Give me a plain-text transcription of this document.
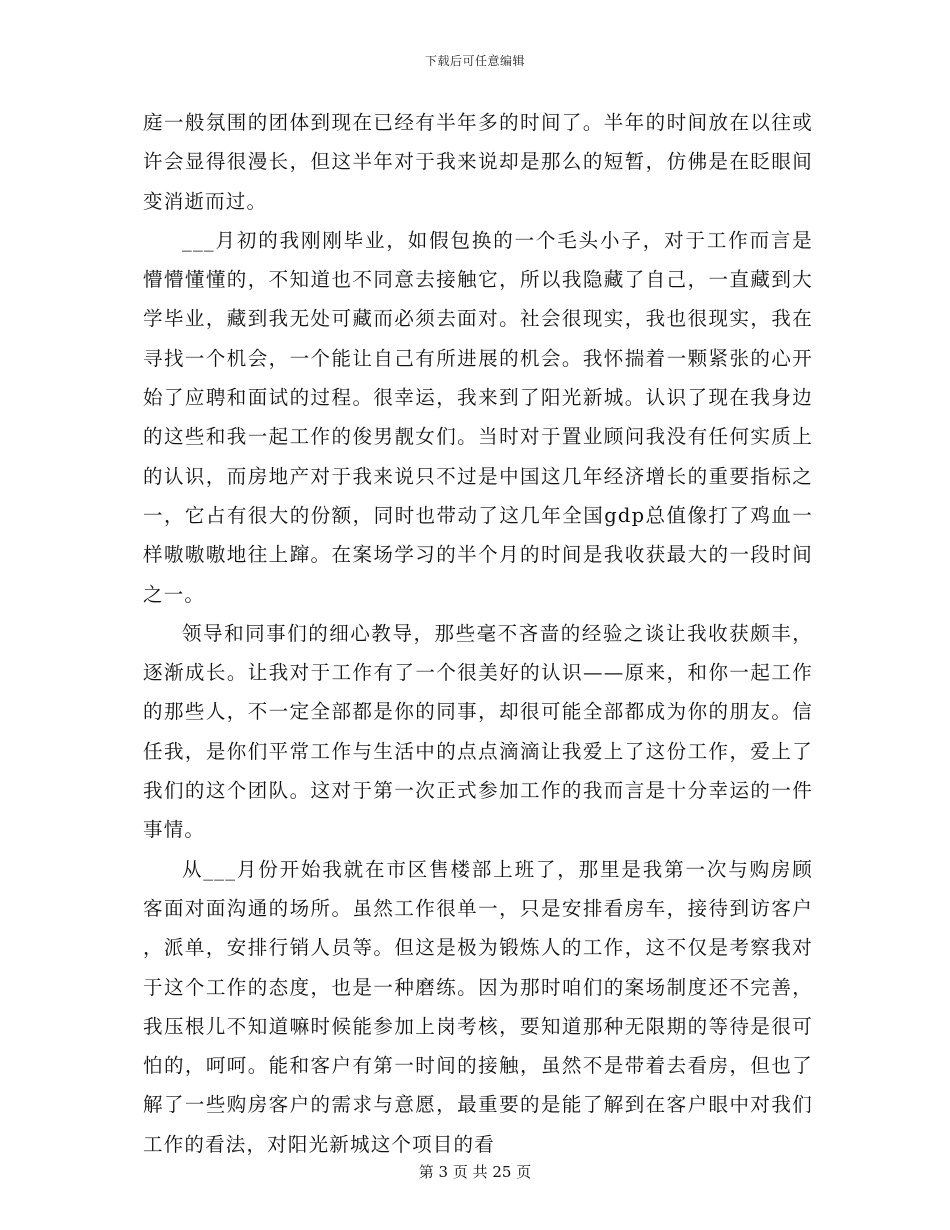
下载后可任意编辑

庭一般氛围的团体到现在已经有半年多的时间了。半年的时间放在以往或许会显得很漫长，但这半年对于我来说却是那么的短暂，仿佛是在眨眼间变消逝而过。

___月初的我刚刚毕业，如假包换的一个毛头小子，对于工作而言是懵懵懂懂的，不知道也不同意去接触它，所以我隐藏了自己，一直藏到大学毕业，藏到我无处可藏而必须去面对。社会很现实，我也很现实，我在寻找一个机会，一个能让自己有所进展的机会。我怀揣着一颗紧张的心开始了应聘和面试的过程。很幸运，我来到了阳光新城。认识了现在我身边的这些和我一起工作的俊男靓女们。当时对于置业顾问我没有任何实质上的认识，而房地产对于我来说只不过是中国这几年经济增长的重要指标之一，它占有很大的份额，同时也带动了这几年全国gdp总值像打了鸡血一样嗷嗷嗷地往上蹿。在案场学习的半个月的时间是我收获最大的一段时间之一。

领导和同事们的细心教导，那些毫不吝啬的经验之谈让我收获颇丰，逐渐成长。让我对于工作有了一个很美好的认识——原来，和你一起工作的那些人，不一定全部都是你的同事，却很可能全部都成为你的朋友。信任我，是你们平常工作与生活中的点点滴滴让我爱上了这份工作，爱上了我们的这个团队。这对于第一次正式参加工作的我而言是十分幸运的一件事情。

从___月份开始我就在市区售楼部上班了，那里是我第一次与购房顾客面对面沟通的场所。虽然工作很单一，只是安排看房车，接待到访客户，派单，安排行销人员等。但这是极为锻炼人的工作，这不仅是考察我对于这个工作的态度，也是一种磨练。因为那时咱们的案场制度还不完善，我压根儿不知道嘛时候能参加上岗考核，要知道那种无限期的等待是很可怕的，呵呵。能和客户有第一时间的接触，虽然不是带着去看房，但也了解了一些购房客户的需求与意愿，最重要的是能了解到在客户眼中对我们工作的看法，对阳光新城这个项目的看

第 3 页 共 25 页
